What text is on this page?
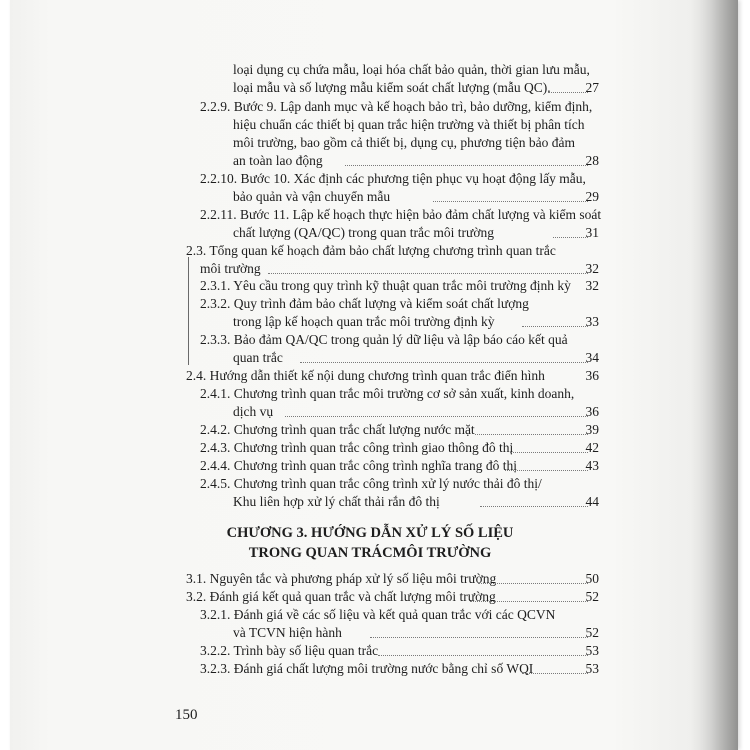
loại dụng cụ chứa mẫu, loại hóa chất bảo quản, thời gian lưu mẫu,
loại mẫu và số lượng mẫu kiểm soát chất lượng (mẫu QC).	27
2.2.9. Bước 9. Lập danh mục và kế hoạch bảo trì, bảo dưỡng, kiểm định,
hiệu chuẩn các thiết bị quan trắc hiện trường và thiết bị phân tích
môi trường, bao gồm cả thiết bị, dụng cụ, phương tiện bảo đảm
an toàn lao động	28
2.2.10. Bước 10. Xác định các phương tiện phục vụ hoạt động lấy mẫu,
bảo quản và vận chuyển mẫu	29
2.2.11. Bước 11. Lập kế hoạch thực hiện bảo đảm chất lượng và kiểm soát
chất lượng (QA/QC) trong quan trắc môi trường	31
2.3. Tổng quan kế hoạch đảm bảo chất lượng chương trình quan trắc
môi trường	32
2.3.1. Yêu cầu trong quy trình kỹ thuật quan trắc môi trường định kỳ	32
2.3.2. Quy trình đảm bảo chất lượng và kiểm soát chất lượng
trong lập kế hoạch quan trắc môi trường định kỳ	33
2.3.3. Bảo đảm QA/QC trong quản lý dữ liệu và lập báo cáo kết quả
quan trắc	34
2.4. Hướng dẫn thiết kế nội dung chương trình quan trắc điển hình	36
2.4.1. Chương trình quan trắc môi trường cơ sở sản xuất, kinh doanh,
dịch vụ	36
2.4.2. Chương trình quan trắc chất lượng nước mặt	39
2.4.3. Chương trình quan trắc công trình giao thông đô thị	42
2.4.4. Chương trình quan trắc công trình nghĩa trang đô thị	43
2.4.5. Chương trình quan trắc công trình xử lý nước thải đô thị/
Khu liên hợp xử lý chất thải rắn đô thị	44
CHƯƠNG 3. HƯỚNG DẪN XỬ LÝ SỐ LIỆU
TRONG QUAN TRÁCMÔI TRƯỜNG
3.1. Nguyên tắc và phương pháp xử lý số liệu môi trường	50
3.2. Đánh giá kết quả quan trắc và chất lượng môi trường	52
3.2.1. Đánh giá về các số liệu và kết quả quan trắc với các QCVN
và TCVN hiện hành	52
3.2.2. Trình bày số liệu quan trắc	53
3.2.3. Đánh giá chất lượng môi trường nước bằng chỉ số WQI	53
150
